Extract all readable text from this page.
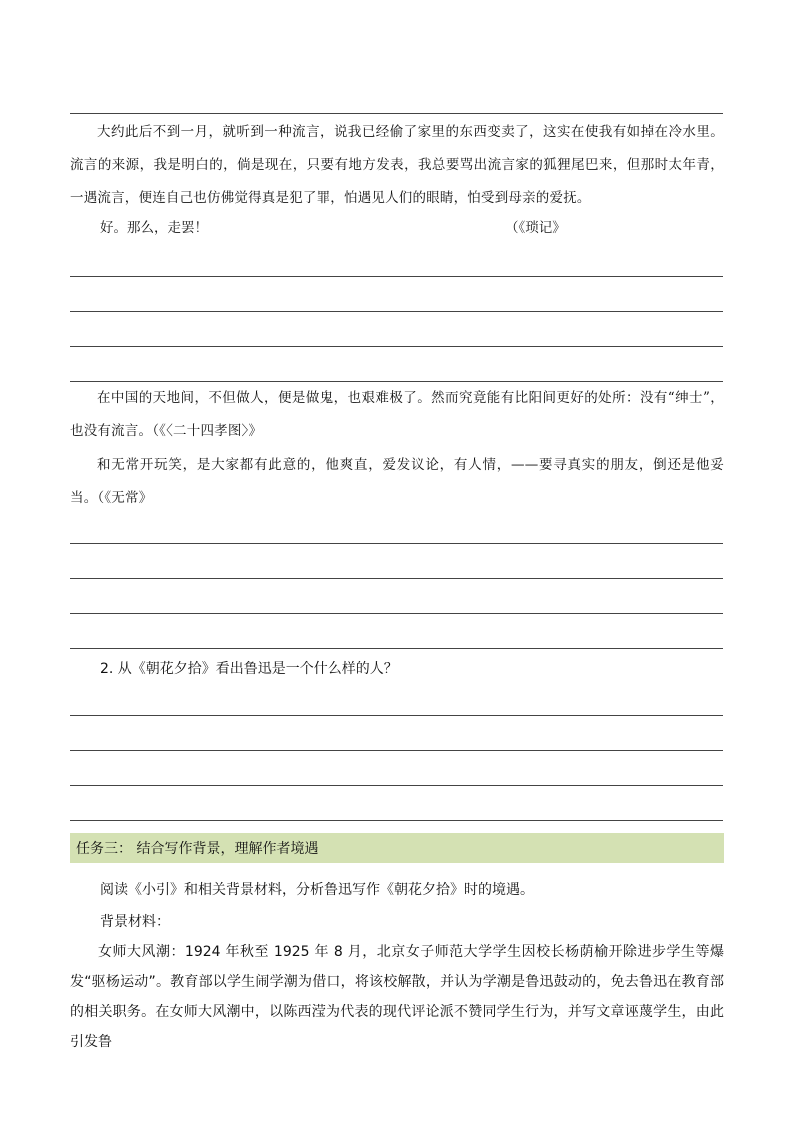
大约此后不到一月，就听到一种流言，说我已经偷了家里的东西变卖了，这实在使我有如掉在冷水里。流言的来源，我是明白的，倘是现在，只要有地方发表，我总要骂出流言家的狐狸尾巴来，但那时太年青，一遇流言，便连自己也仿佛觉得真是犯了罪，怕遇见人们的眼睛，怕受到母亲的爱抚。

好。那么，走罢！	（《琐记》

在中国的天地间，不但做人，便是做鬼，也艰难极了。然而究竟能有比阳间更好的处所：没有“绅士”，也没有流言。（《〈二十四孝图〉》

和无常开玩笑，是大家都有此意的，他爽直，爱发议论，有人情，——要寻真实的朋友，倒还是他妥当。（《无常》

2. 从《朝花夕拾》看出鲁迅是一个什么样的人？
任务三： 结合写作背景，理解作者境遇
阅读《小引》和相关背景材料，分析鲁迅写作《朝花夕拾》时的境遇。
背景材料：

女师大风潮：1924 年秋至 1925 年 8 月，北京女子师范大学学生因校长杨荫榆开除进步学生等爆发“驱杨运动”。教育部以学生闹学潮为借口，将该校解散，并认为学潮是鲁迅鼓动的，免去鲁迅在教育部的相关职务。在女师大风潮中，以陈西滢为代表的现代评论派不赞同学生行为，并写文章诬蔑学生，由此引发鲁
